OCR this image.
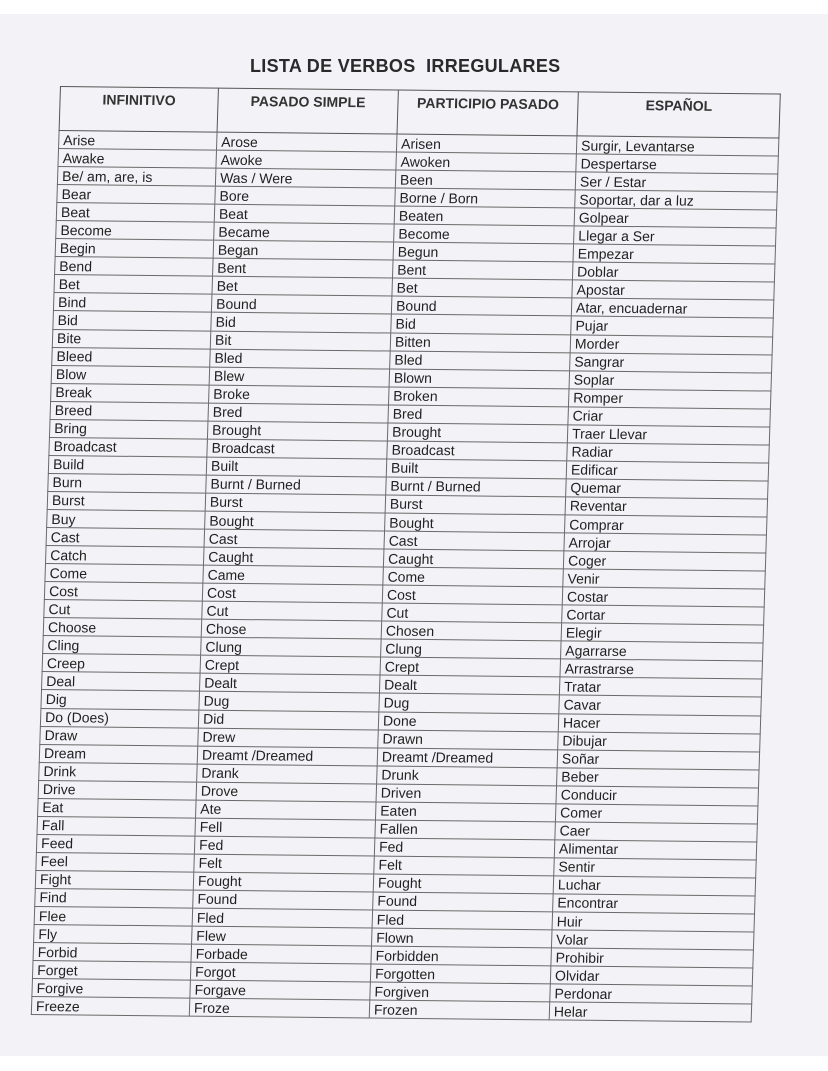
LISTA DE VERBOS  IRREGULARES
INFINITIVO	PASADO SIMPLE	PARTICIPIO PASADO	ESPAÑOL
Arise	Arose	Arisen	Surgir, Levantarse
Awake	Awoke	Awoken	Despertarse
Be/ am, are, is	Was / Were	Been	Ser / Estar
Bear	Bore	Borne / Born	Soportar, dar a luz
Beat	Beat	Beaten	Golpear
Become	Became	Become	Llegar a Ser
Begin	Began	Begun	Empezar
Bend	Bent	Bent	Doblar
Bet	Bet	Bet	Apostar
Bind	Bound	Bound	Atar, encuadernar
Bid	Bid	Bid	Pujar
Bite	Bit	Bitten	Morder
Bleed	Bled	Bled	Sangrar
Blow	Blew	Blown	Soplar
Break	Broke	Broken	Romper
Breed	Bred	Bred	Criar
Bring	Brought	Brought	Traer Llevar
Broadcast	Broadcast	Broadcast	Radiar
Build	Built	Built	Edificar
Burn	Burnt / Burned	Burnt / Burned	Quemar
Burst	Burst	Burst	Reventar
Buy	Bought	Bought	Comprar
Cast	Cast	Cast	Arrojar
Catch	Caught	Caught	Coger
Come	Came	Come	Venir
Cost	Cost	Cost	Costar
Cut	Cut	Cut	Cortar
Choose	Chose	Chosen	Elegir
Cling	Clung	Clung	Agarrarse
Creep	Crept	Crept	Arrastrarse
Deal	Dealt	Dealt	Tratar
Dig	Dug	Dug	Cavar
Do (Does)	Did	Done	Hacer
Draw	Drew	Drawn	Dibujar
Dream	Dreamt /Dreamed	Dreamt /Dreamed	Soñar
Drink	Drank	Drunk	Beber
Drive	Drove	Driven	Conducir
Eat	Ate	Eaten	Comer
Fall	Fell	Fallen	Caer
Feed	Fed	Fed	Alimentar
Feel	Felt	Felt	Sentir
Fight	Fought	Fought	Luchar
Find	Found	Found	Encontrar
Flee	Fled	Fled	Huir
Fly	Flew	Flown	Volar
Forbid	Forbade	Forbidden	Prohibir
Forget	Forgot	Forgotten	Olvidar
Forgive	Forgave	Forgiven	Perdonar
Freeze	Froze	Frozen	Helar
